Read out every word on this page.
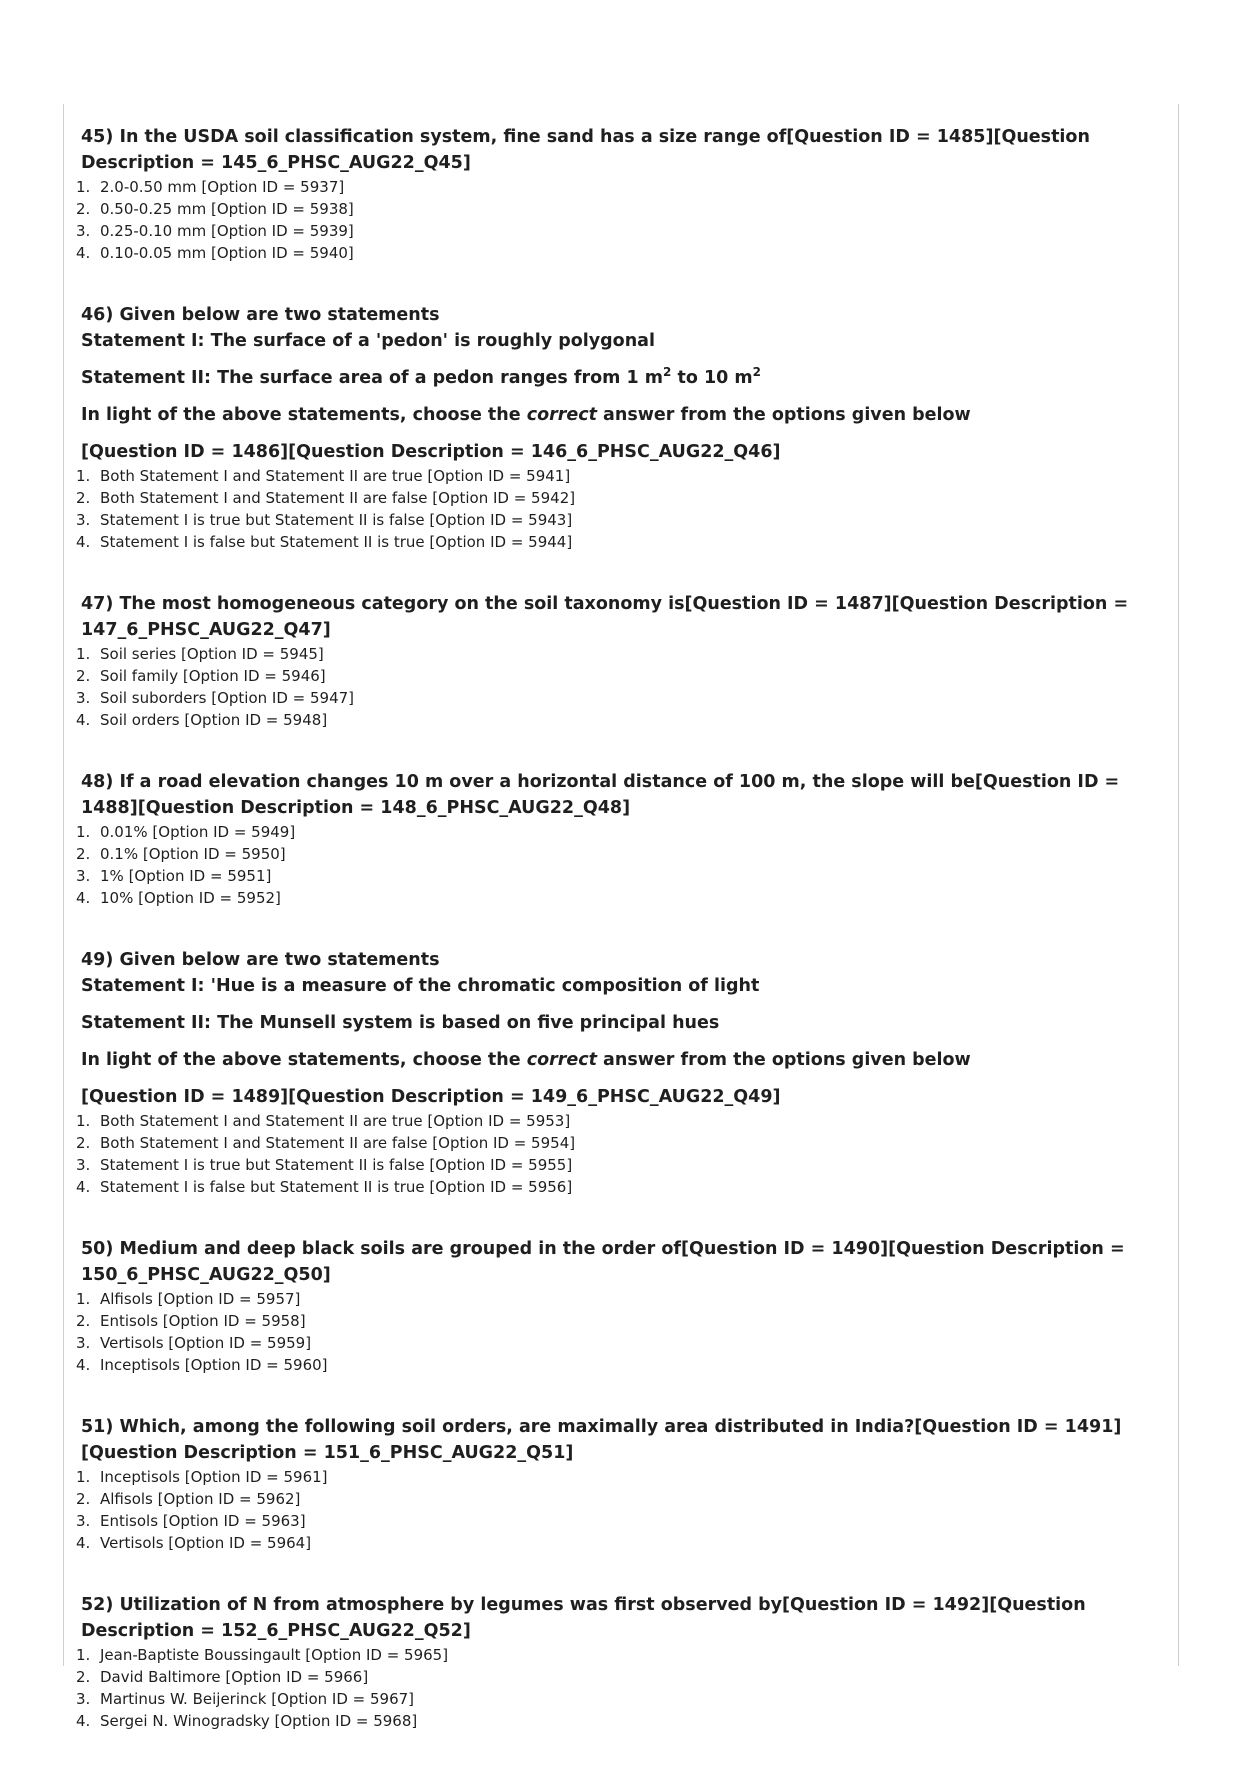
45) In the USDA soil classification system, fine sand has a size range of[Question ID = 1485][Question Description = 145_6_PHSC_AUG22_Q45]
1. 2.0-0.50 mm [Option ID = 5937]
2. 0.50-0.25 mm [Option ID = 5938]
3. 0.25-0.10 mm [Option ID = 5939]
4. 0.10-0.05 mm [Option ID = 5940]
46) Given below are two statements
Statement I: The surface of a 'pedon' is roughly polygonal
Statement II: The surface area of a pedon ranges from 1 $m^2$ to 10 $m^2$
In light of the above statements, choose the correct answer from the options given below
[Question ID = 1486][Question Description = 146_6_PHSC_AUG22_Q46]
1. Both Statement I and Statement II are true [Option ID = 5941]
2. Both Statement I and Statement II are false [Option ID = 5942]
3. Statement I is true but Statement II is false [Option ID = 5943]
4. Statement I is false but Statement II is true [Option ID = 5944]
47) The most homogeneous category on the soil taxonomy is[Question ID = 1487][Question Description = 147_6_PHSC_AUG22_Q47]
1. Soil series [Option ID = 5945]
2. Soil family [Option ID = 5946]
3. Soil suborders [Option ID = 5947]
4. Soil orders [Option ID = 5948]
48) If a road elevation changes 10 m over a horizontal distance of 100 m, the slope will be[Question ID = 1488][Question Description = 148_6_PHSC_AUG22_Q48]
1. 0.01% [Option ID = 5949]
2. 0.1% [Option ID = 5950]
3. 1% [Option ID = 5951]
4. 10% [Option ID = 5952]
49) Given below are two statements
Statement I: 'Hue is a measure of the chromatic composition of light
Statement II: The Munsell system is based on five principal hues
In light of the above statements, choose the correct answer from the options given below
[Question ID = 1489][Question Description = 149_6_PHSC_AUG22_Q49]
1. Both Statement I and Statement II are true [Option ID = 5953]
2. Both Statement I and Statement II are false [Option ID = 5954]
3. Statement I is true but Statement II is false [Option ID = 5955]
4. Statement I is false but Statement II is true [Option ID = 5956]
50) Medium and deep black soils are grouped in the order of[Question ID = 1490][Question Description = 150_6_PHSC_AUG22_Q50]
1. Alfisols [Option ID = 5957]
2. Entisols [Option ID = 5958]
3. Vertisols [Option ID = 5959]
4. Inceptisols [Option ID = 5960]
51) Which, among the following soil orders, are maximally area distributed in India?[Question ID = 1491][Question Description = 151_6_PHSC_AUG22_Q51]
1. Inceptisols [Option ID = 5961]
2. Alfisols [Option ID = 5962]
3. Entisols [Option ID = 5963]
4. Vertisols [Option ID = 5964]
52) Utilization of N from atmosphere by legumes was first observed by[Question ID = 1492][Question Description = 152_6_PHSC_AUG22_Q52]
1. Jean-Baptiste Boussingault [Option ID = 5965]
2. David Baltimore [Option ID = 5966]
3. Martinus W. Beijerinck [Option ID = 5967]
4. Sergei N. Winogradsky [Option ID = 5968]
